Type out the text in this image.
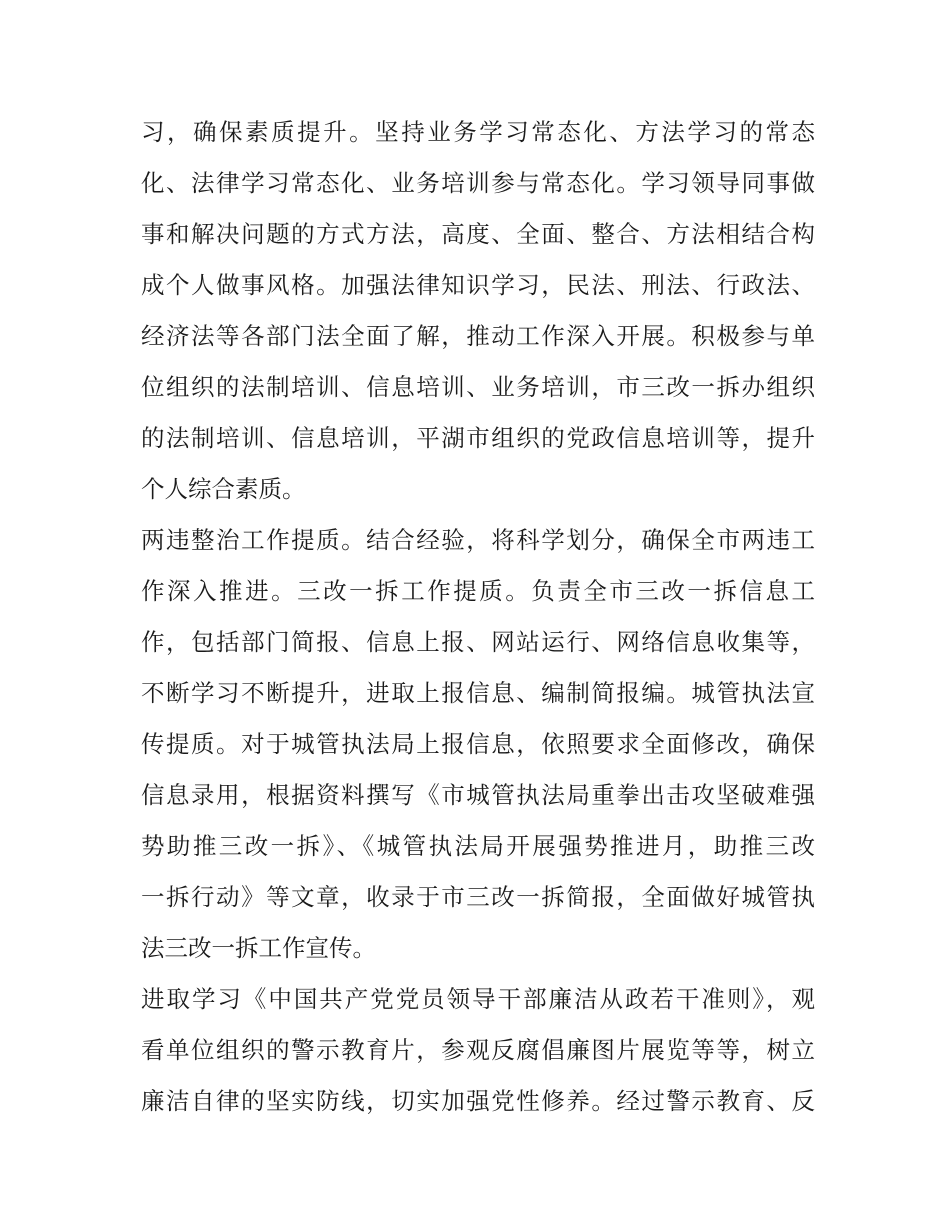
习，确保素质提升。坚持业务学习常态化、方法学习的常态
化、法律学习常态化、业务培训参与常态化。学习领导同事做
事和解决问题的方式方法，高度、全面、整合、方法相结合构
成个人做事风格。加强法律知识学习，民法、刑法、行政法、
经济法等各部门法全面了解，推动工作深入开展。积极参与单
位组织的法制培训、信息培训、业务培训，市三改一拆办组织
的法制培训、信息培训，平湖市组织的党政信息培训等，提升
个人综合素质。
两违整治工作提质。结合经验，将科学划分，确保全市两违工
作深入推进。三改一拆工作提质。负责全市三改一拆信息工
作，包括部门简报、信息上报、网站运行、网络信息收集等，
不断学习不断提升，进取上报信息、编制简报编。城管执法宣
传提质。对于城管执法局上报信息，依照要求全面修改，确保
信息录用，根据资料撰写《市城管执法局重拳出击攻坚破难强
势助推三改一拆》、《城管执法局开展强势推进月，助推三改
一拆行动》等文章，收录于市三改一拆简报，全面做好城管执
法三改一拆工作宣传。
进取学习《中国共产党党员领导干部廉洁从政若干准则》，观
看单位组织的警示教育片，参观反腐倡廉图片展览等等，树立
廉洁自律的坚实防线，切实加强党性修养。经过警示教育、反
